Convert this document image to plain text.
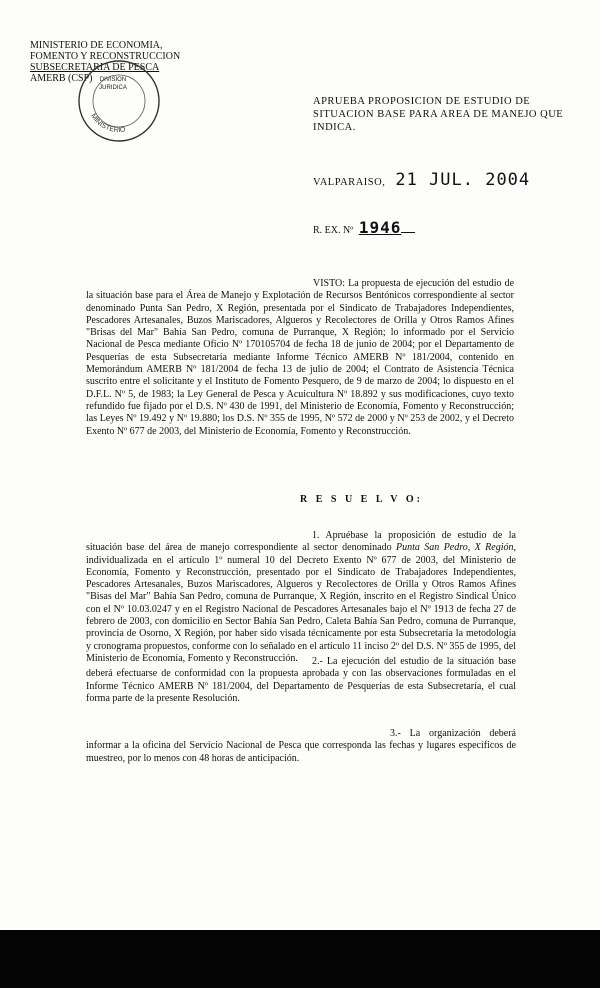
MINISTERIO DE ECONOMIA,
FOMENTO Y RECONSTRUCCION
SUBSECRETARIA DE PESCA
AMERB (CSP)
MINISTERIO
DIVISION
JURIDICA
APRUEBA PROPOSICION DE ESTUDIO DE SITUACION BASE PARA AREA DE MANEJO QUE INDICA.
VALPARAISO, 21 JUL. 2004
R. EX. Nº 1946
VISTO: La propuesta de ejecución del estudio de la situación base para el Área de Manejo y Explotación de Recursos Bentónicos correspondiente al sector denominado Punta San Pedro, X Región, presentada por el Sindicato de Trabajadores Independientes, Pescadores Artesanales, Buzos Mariscadores, Algueros y Recolectores de Orilla y Otros Ramos Afines "Brisas del Mar" Bahía San Pedro, comuna de Purranque, X Región; lo informado por el Servicio Nacional de Pesca mediante Oficio Nº 170105704 de fecha 18 de junio de 2004; por el Departamento de Pesquerías de esta Subsecretaría mediante Informe Técnico AMERB Nº 181/2004, contenido en Memorándum AMERB Nº 181/2004 de fecha 13 de julio de 2004; el Contrato de Asistencia Técnica suscrito entre el solicitante y el Instituto de Fomento Pesquero, de 9 de marzo de 2004; lo dispuesto en el D.F.L. Nº 5, de 1983; la Ley General de Pesca y Acuicultura Nº 18.892 y sus modificaciones, cuyo texto refundido fue fijado por el D.S. Nº 430 de 1991, del Ministerio de Economía, Fomento y Reconstrucción; las Leyes Nº 19.492 y Nº 19.880; los D.S. Nº 355 de 1995, Nº 572 de 2000 y Nº 253 de 2002, y el Decreto Exento Nº 677 de 2003, del Ministerio de Economía, Fomento y Reconstrucción.
R E S U E L V O:
1. Apruébase la proposición de estudio de la situación base del área de manejo correspondiente al sector denominado Punta San Pedro, X Región, individualizada en el artículo 1º numeral 10 del Decreto Exento Nº 677 de 2003, del Ministerio de Economía, Fomento y Reconstrucción, presentado por el Sindicato de Trabajadores Independientes, Pescadores Artesanales, Buzos Mariscadores, Algueros y Recolectores de Orilla y Otros Ramos Afines "Bisas del Mar" Bahía San Pedro, comuna de Purranque, X Región, inscrito en el Registro Sindical Único con el Nº 10.03.0247 y en el Registro Nacional de Pescadores Artesanales bajo el Nº 1913 de fecha 27 de febrero de 2003, con domicilio en Sector Bahía San Pedro, Caleta Bahía San Pedro, comuna de Purranque, provincia de Osorno, X Región, por haber sido visada técnicamente por esta Subsecretaría la metodología y cronograma propuestos, conforme con lo señalado en el artículo 11 inciso 2º del D.S. Nº 355 de 1995, del Ministerio de Economía, Fomento y Reconstrucción.	2.- La ejecución del estudio de la situación base deberá efectuarse de conformidad con la propuesta aprobada y con las observaciones formuladas en el Informe Técnico AMERB Nº 181/2004, del Departamento de Pesquerías de esta Subsecretaría, el cual forma parte de la presente Resolución.
3.- La organización deberá informar a la oficina del Servicio Nacional de Pesca que corresponda las fechas y lugares específicos de muestreo, por lo menos con 48 horas de anticipación.
